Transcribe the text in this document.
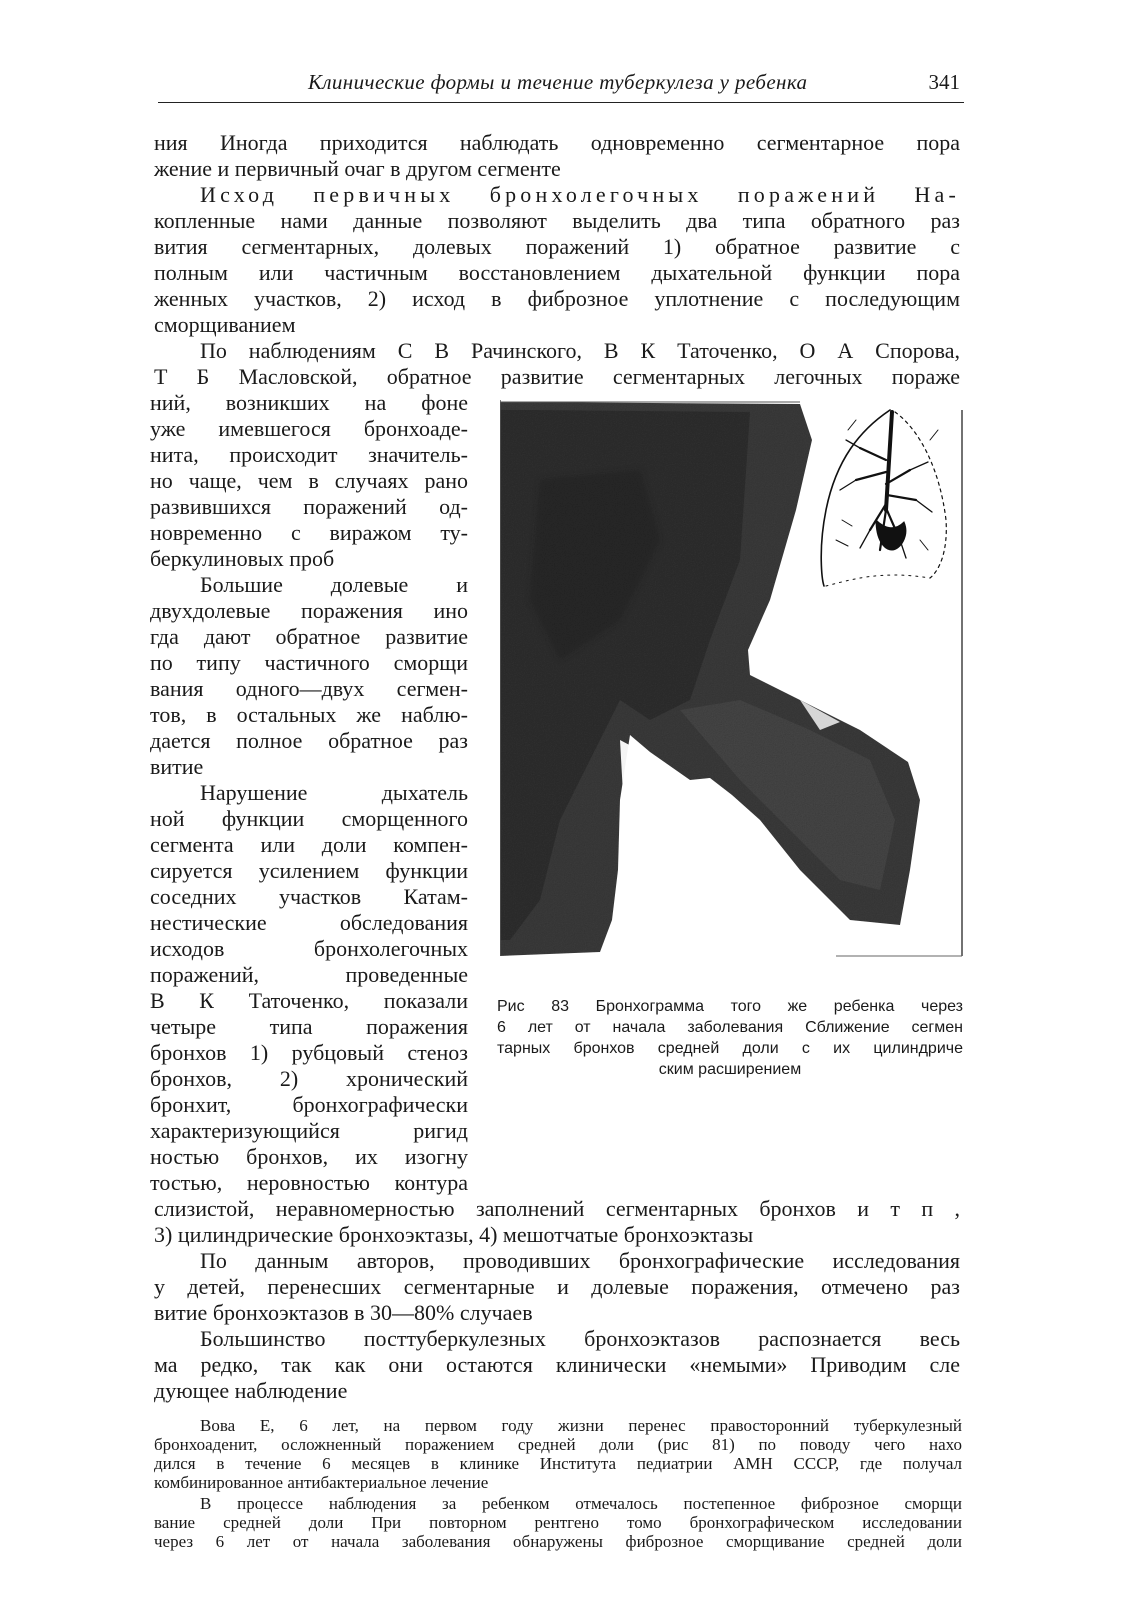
Клинические формы и течение туберкулеза у ребенка	341
ния Иногда приходится наблюдать одновременно сегментарное пора
жение и первичный очаг в другом сегменте
Исход первичных бронхолегочных поражений На-
копленные нами данные позволяют выделить два типа обратного раз
вития сегментарных, долевых поражений 1) обратное развитие с
полным или частичным восстановлением дыхательной функции пора
женных участков, 2) исход в фиброзное уплотнение с последующим
сморщиванием
По наблюдениям С В Рачинского, В К Таточенко, О А Спорова,
Т Б Масловской, обратное развитие сегментарных легочных пораже
ний, возникших на фоне
уже имевшегося бронхоаде-
нита, происходит значитель-
но чаще, чем в случаях рано
развившихся поражений од-
новременно с виражом ту-
беркулиновых проб
Большие долевые и
двухдолевые поражения ино
гда дают обратное развитие
по типу частичного сморщи
вания одного—двух сегмен-
тов, в остальных же наблю-
дается полное обратное раз
витие
Нарушение дыхатель
ной функции сморщенного
сегмента или доли компен-
сируется усилением функции
соседних участков Катам-
нестические обследования
исходов бронхолегочных
поражений, проведенные
В К Таточенко, показали
четыре типа поражения
бронхов 1) рубцовый стеноз
бронхов, 2) хронический
бронхит, бронхографически
характеризующийся ригид
ностью бронхов, их изогну
тостью, неровностью контура
Рис 83 Бронхограмма того же ребенка через
6 лет от начала заболевания Сближение сегмен
тарных бронхов средней доли с их цилиндриче
ским расширением
слизистой, неравномерностью заполнений сегментарных бронхов и т п ,
3) цилиндрические бронхоэктазы, 4) мешотчатые бронхоэктазы
По данным авторов, проводивших бронхографические исследования
у детей, перенесших сегментарные и долевые поражения, отмечено раз
витие бронхоэктазов в 30—80% случаев
Большинство посттуберкулезных бронхоэктазов распознается весь
ма редко, так как они остаются клинически «немыми» Приводим сле
дующее наблюдение
Вова Е, 6 лет, на первом году жизни перенес правосторонний туберкулезный
бронхоаденит, осложненный поражением средней доли (рис 81) по поводу чего нахо
дился в течение 6 месяцев в клинике Института педиатрии АМН СССР, где получал
комбинированное антибактериальное лечение
В процессе наблюдения за ребенком отмечалось постепенное фиброзное сморщи
вание средней доли При повторном рентгено томо бронхографическом исследовании
через 6 лет от начала заболевания обнаружены фиброзное сморщивание средней доли
